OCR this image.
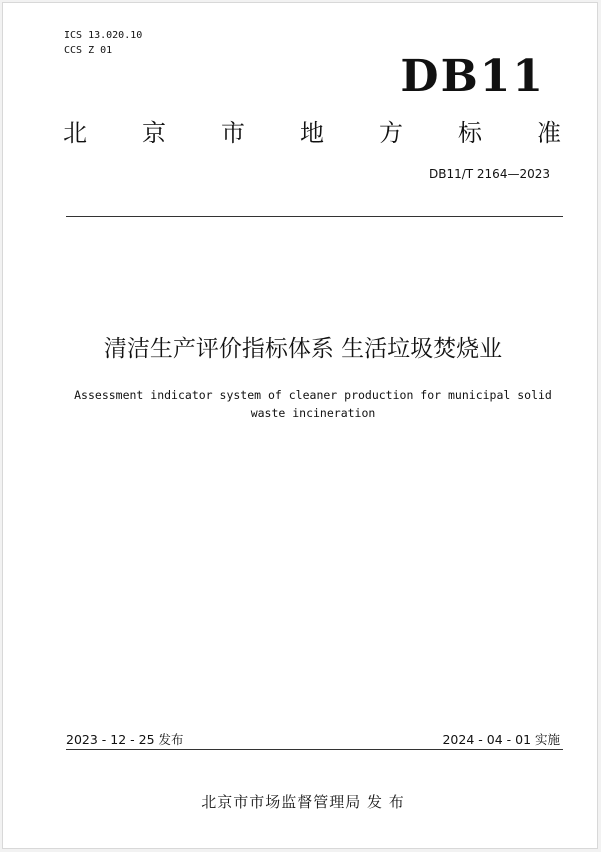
ICS 13.020.10
CCS Z 01
DB11
北 京 市 地 方 标 准
DB11/T 2164—2023
清洁生产评价指标体系 生活垃圾焚烧业
Assessment indicator system of cleaner production for municipal solid
waste incineration
2023 - 12 - 25 发布	2024 - 04 - 01 实施
北京市市场监督管理局 发 布
